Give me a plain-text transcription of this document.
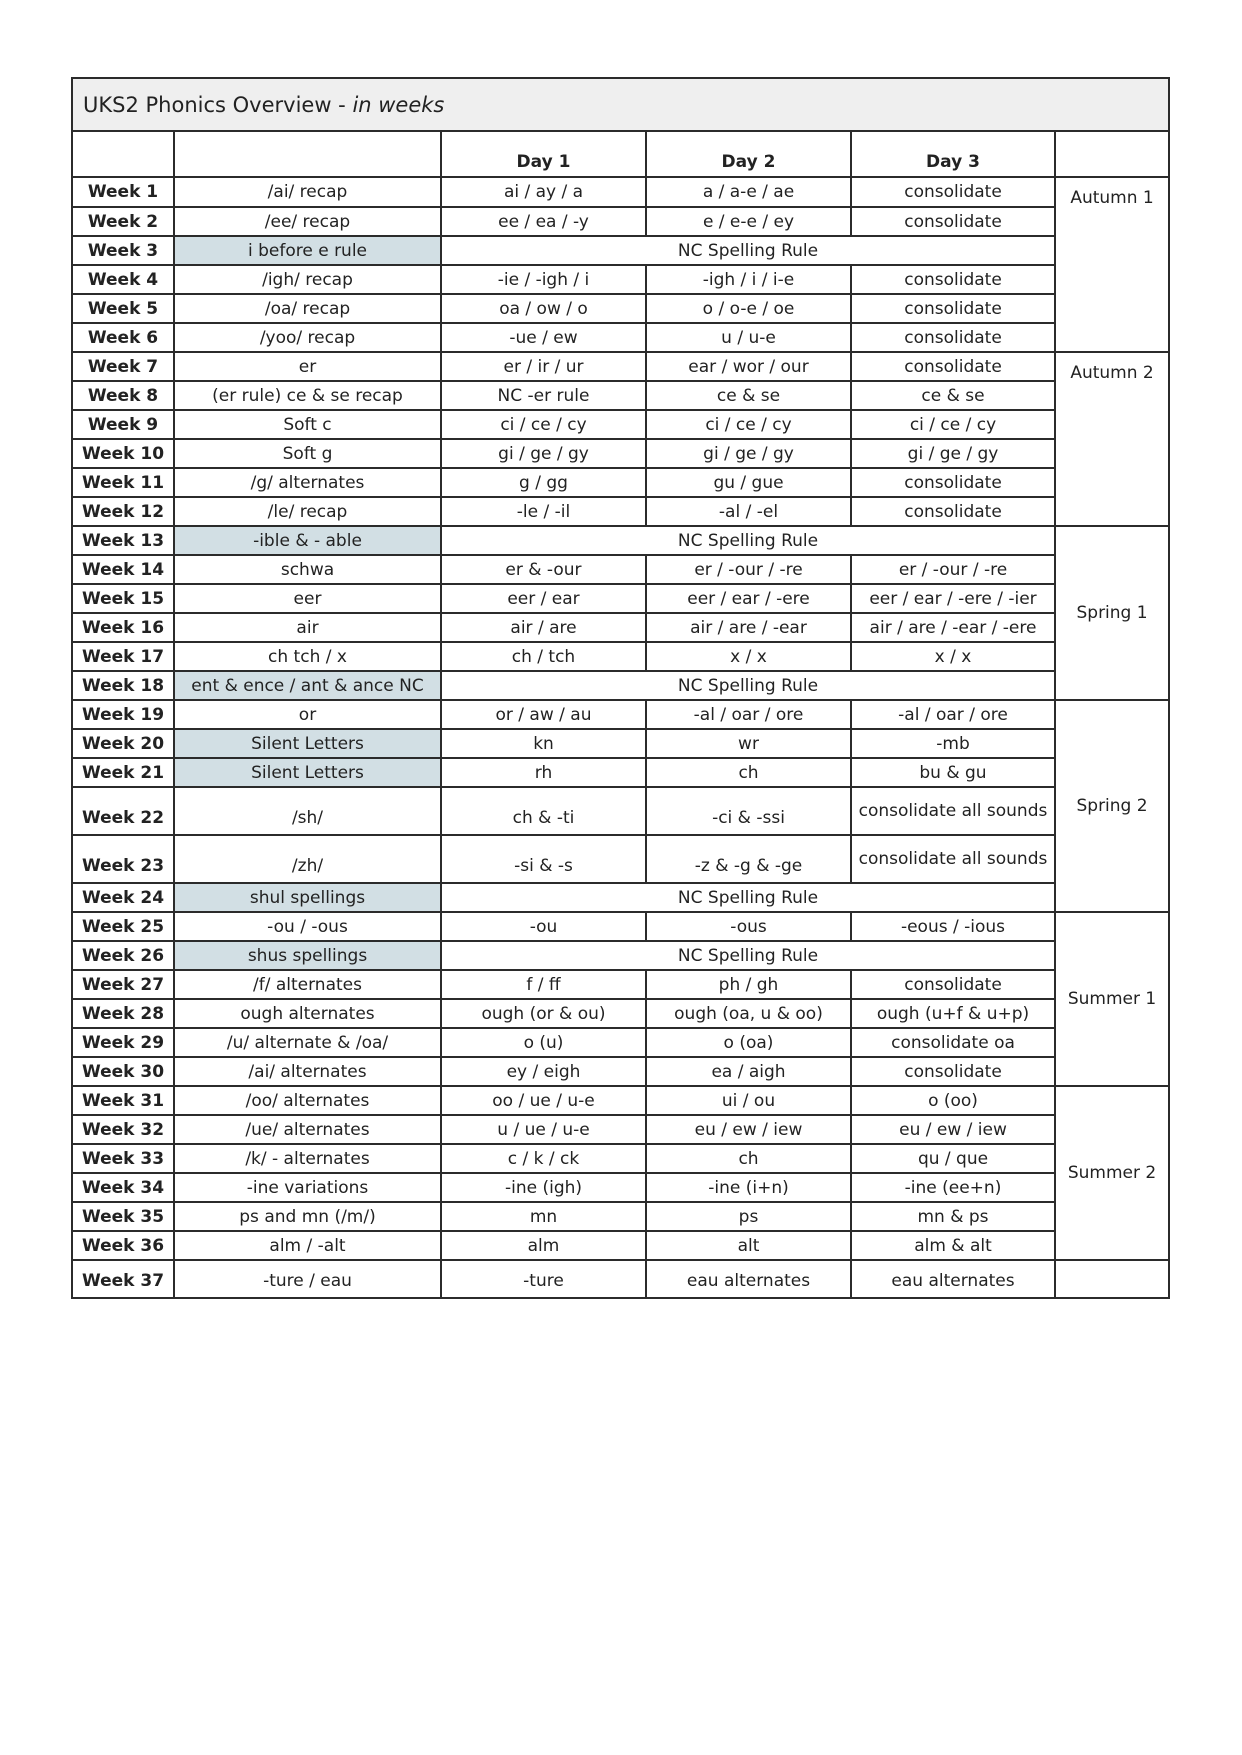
UKS2 Phonics Overview - in weeks					
		Day 1	Day 2	Day 3	
Week 1	/ai/ recap	ai / ay / a	a / a-e / ae	consolidate	Autumn 1
Week 2	/ee/ recap	ee / ea / -y	e / e-e / ey	consolidate	
Week 3	i before e rule	NC Spelling Rule			
Week 4	/igh/ recap	-ie / -igh / i	-igh / i / i-e	consolidate	
Week 5	/oa/ recap	oa / ow / o	o / o-e / oe	consolidate	
Week 6	/yoo/ recap	-ue / ew	u / u-e	consolidate	
Week 7	er	er / ir / ur	ear / wor / our	consolidate	Autumn 2
Week 8	(er rule) ce & se recap	NC -er rule	ce & se	ce & se	
Week 9	Soft c	ci / ce / cy	ci / ce / cy	ci / ce / cy	
Week 10	Soft g	gi / ge / gy	gi / ge / gy	gi / ge / gy	
Week 11	/g/ alternates	g / gg	gu / gue	consolidate	
Week 12	/le/ recap	-le / -il	-al / -el	consolidate	
Week 13	-ible & - able	NC Spelling Rule			Spring 1
Week 14	schwa	er & -our	er / -our / -re	er / -our / -re	
Week 15	eer	eer / ear	eer / ear / -ere	eer / ear / -ere / -ier	
Week 16	air	air / are	air / are / -ear	air / are / -ear / -ere	
Week 17	ch tch / x	ch / tch	x / x	x / x	
Week 18	ent & ence / ant & ance NC	NC Spelling Rule			
Week 19	or	or / aw / au	-al / oar / ore	-al / oar / ore	Spring 2
Week 20	Silent Letters	kn	wr	-mb	
Week 21	Silent Letters	rh	ch	bu & gu	
Week 22	/sh/	ch & -ti	-ci & -ssi	consolidate all sounds	
Week 23	/zh/	-si & -s	-z & -g & -ge	consolidate all sounds	
Week 24	shul spellings	NC Spelling Rule			
Week 25	-ou / -ous	-ou	-ous	-eous / -ious	Summer 1
Week 26	shus spellings	NC Spelling Rule			
Week 27	/f/ alternates	f / ff	ph / gh	consolidate	
Week 28	ough alternates	ough (or & ou)	ough (oa, u & oo)	ough (u+f & u+p)	
Week 29	/u/ alternate & /oa/	o (u)	o (oa)	consolidate oa	
Week 30	/ai/ alternates	ey / eigh	ea / aigh	consolidate	
Week 31	/oo/ alternates	oo / ue / u-e	ui / ou	o (oo)	Summer 2
Week 32	/ue/ alternates	u / ue / u-e	eu / ew / iew	eu / ew / iew	
Week 33	/k/ - alternates	c / k / ck	ch	qu / que	
Week 34	-ine variations	-ine (igh)	-ine (i+n)	-ine (ee+n)	
Week 35	ps and mn (/m/)	mn	ps	mn & ps	
Week 36	alm / -alt	alm	alt	alm & alt	
Week 37	-ture / eau	-ture	eau alternates	eau alternates	
